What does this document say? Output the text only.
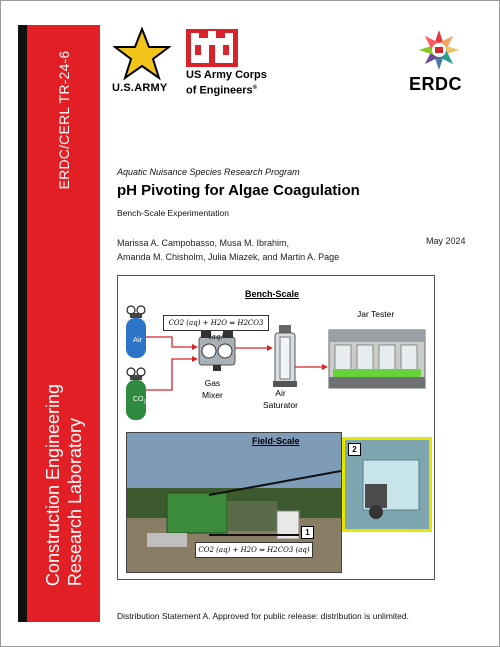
ERDC/CERL TR-24-6
Construction Engineering Research Laboratory
U.S.ARMY
US Army Corps
of Engineers®	ERDC
Aquatic Nuisance Species Research Program
pH Pivoting for Algae Coagulation
Bench-Scale Experimentation
Marissa A. Campobasso, Musa M. Ibrahim,
Amanda M. Chisholm, Julia Miazek, and Martin A. Page
May 2024
Bench-Scale
CO2 (aq) + H2O ⇔ H2CO3 (aq)
Jar Tester
Gas
Mixer	Air
Saturator
Air
$CO_2$
Field-Scale
CO2 (aq) + H2O ⇔ H2CO3 (aq)
1
2
Distribution Statement A. Approved for public release: distribution is unlimited.
